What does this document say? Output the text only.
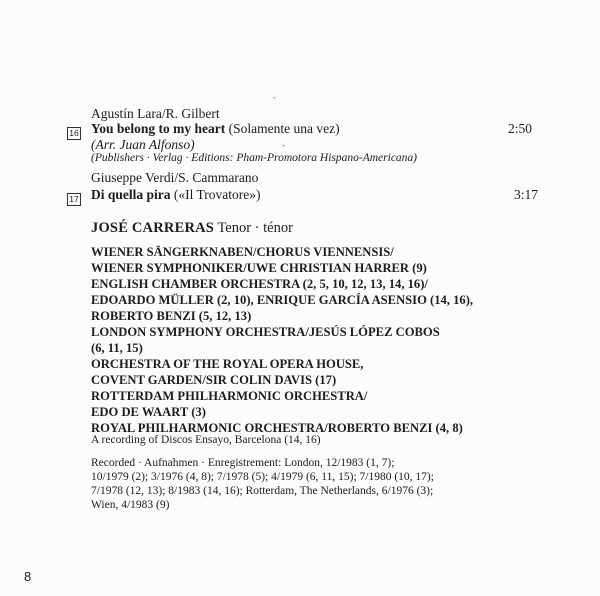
Agustín Lara/R. Gilbert
16 You belong to my heart (Solamente una vez)	2:50
(Arr. Juan Alfonso)
(Publishers · Verlag · Editions: Pham-Promotora Hispano-Americana)
Giuseppe Verdi/S. Cammarano
17 Di quella pira («Il Trovatore»)	3:17
JOSÉ CARRERAS Tenor · ténor
WIENER SÄNGERKNABEN/CHORUS VIENNENSIS/
WIENER SYMPHONIKER/UWE CHRISTIAN HARRER (9)
ENGLISH CHAMBER ORCHESTRA (2, 5, 10, 12, 13, 14, 16)/
EDOARDO MÜLLER (2, 10), ENRIQUE GARCÍA ASENSIO (14, 16),
ROBERTO BENZI (5, 12, 13)
LONDON SYMPHONY ORCHESTRA/JESÚS LÓPEZ COBOS
(6, 11, 15)
ORCHESTRA OF THE ROYAL OPERA HOUSE,
COVENT GARDEN/SIR COLIN DAVIS (17)
ROTTERDAM PHILHARMONIC ORCHESTRA/
EDO DE WAART (3)
ROYAL PHILHARMONIC ORCHESTRA/ROBERTO BENZI (4, 8)
A recording of Discos Ensayo, Barcelona (14, 16)
Recorded · Aufnahmen · Enregistrement: London, 12/1983 (1, 7);
10/1979 (2); 3/1976 (4, 8); 7/1978 (5); 4/1979 (6, 11, 15); 7/1980 (10, 17);
7/1978 (12, 13); 8/1983 (14, 16); Rotterdam, The Netherlands, 6/1976 (3);
Wien, 4/1983 (9)
8
-
-
